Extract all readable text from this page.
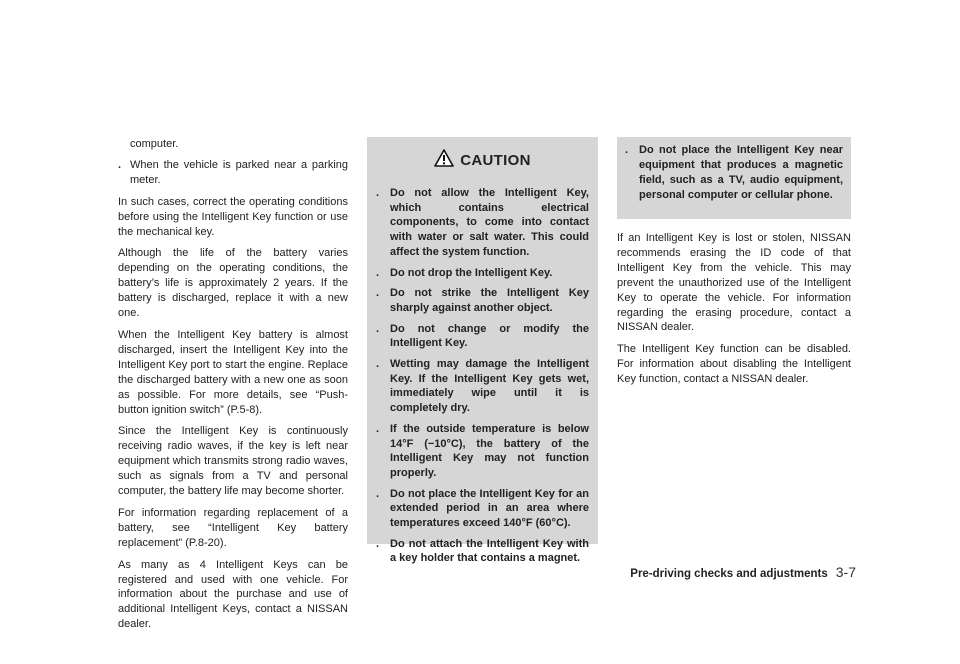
computer.
. When the vehicle is parked near a parking meter.

In such cases, correct the operating conditions before using the Intelligent Key function or use the mechanical key.

Although the life of the battery varies depending on the operating conditions, the battery’s life is approximately 2 years. If the battery is discharged, replace it with a new one.

When the Intelligent Key battery is almost discharged, insert the Intelligent Key into the Intelligent Key port to start the engine. Replace the discharged battery with a new one as soon as possible. For more details, see “Push-button ignition switch” (P.5-8).

Since the Intelligent Key is continuously receiving radio waves, if the key is left near equipment which transmits strong radio waves, such as signals from a TV and personal computer, the battery life may become shorter.

For information regarding replacement of a battery, see “Intelligent Key battery replacement” (P.8-20).

As many as 4 Intelligent Keys can be registered and used with one vehicle. For information about the purchase and use of additional Intelligent Keys, contact a NISSAN dealer.

CAUTION
. Do not allow the Intelligent Key, which contains electrical components, to come into contact with water or salt water. This could affect the system function.
. Do not drop the Intelligent Key.
. Do not strike the Intelligent Key sharply against another object.
. Do not change or modify the Intelligent Key.
. Wetting may damage the Intelligent Key. If the Intelligent Key gets wet, immediately wipe until it is completely dry.
. If the outside temperature is below 14°F (−10°C), the battery of the Intelligent Key may not function properly.
. Do not place the Intelligent Key for an extended period in an area where temperatures exceed 140°F (60°C).
. Do not attach the Intelligent Key with a key holder that contains a magnet.
. Do not place the Intelligent Key near equipment that produces a magnetic field, such as a TV, audio equipment, personal computer or cellular phone.

If an Intelligent Key is lost or stolen, NISSAN recommends erasing the ID code of that Intelligent Key from the vehicle. This may prevent the unauthorized use of the Intelligent Key to operate the vehicle. For information regarding the erasing procedure, contact a NISSAN dealer.

The Intelligent Key function can be disabled. For information about disabling the Intelligent Key function, contact a NISSAN dealer.

Pre-driving checks and adjustments 3-7
